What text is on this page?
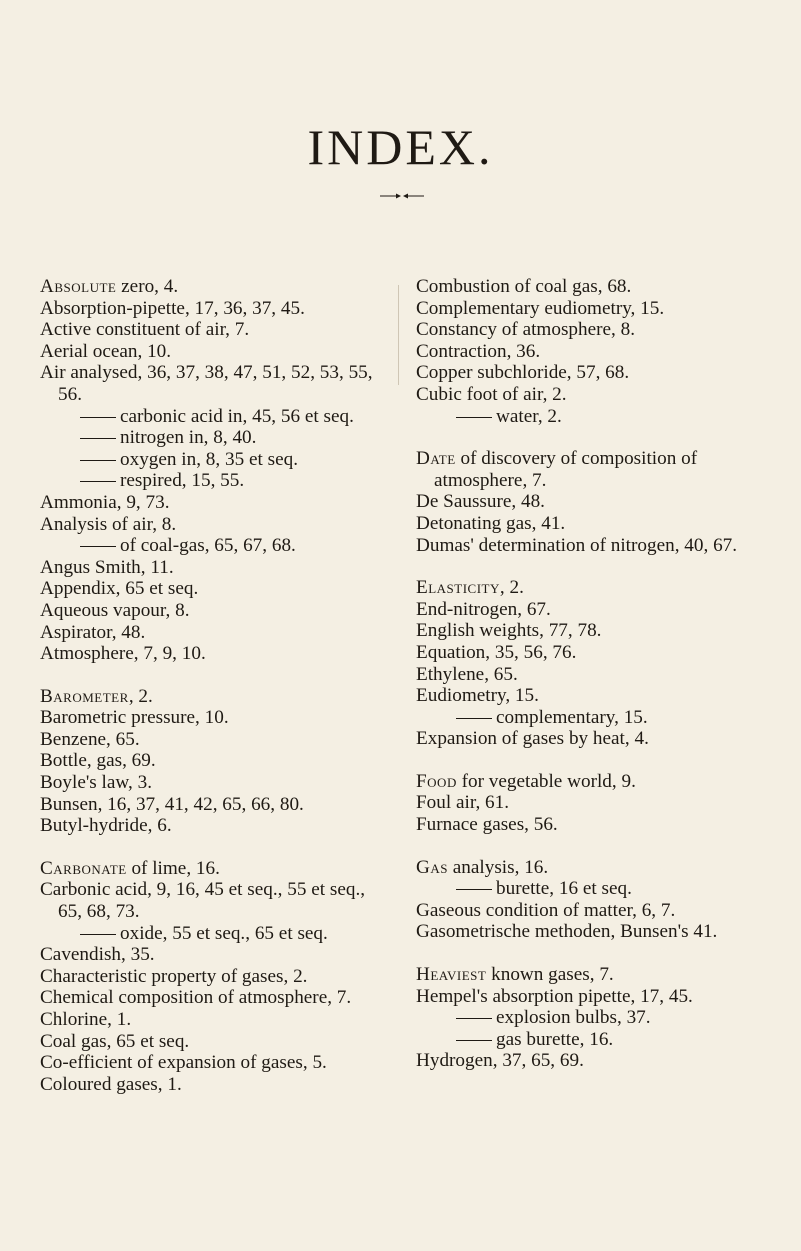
INDEX.

Absolute zero, 4.

Absorption-pipette, 17, 36, 37, 45.

Active constituent of air, 7.

Aerial ocean, 10.

Air analysed, 36, 37, 38, 47, 51, 52, 53, 55, 56.

carbonic acid in, 45, 56 et seq.

nitrogen in, 8, 40.

oxygen in, 8, 35 et seq.

respired, 15, 55.

Ammonia, 9, 73.

Analysis of air, 8.

of coal-gas, 65, 67, 68.

Angus Smith, 11.

Appendix, 65 et seq.

Aqueous vapour, 8.

Aspirator, 48.

Atmosphere, 7, 9, 10.

Barometer, 2.

Barometric pressure, 10.

Benzene, 65.

Bottle, gas, 69.

Boyle's law, 3.

Bunsen, 16, 37, 41, 42, 65, 66, 80.

Butyl-hydride, 6.

Carbonate of lime, 16.

Carbonic acid, 9, 16, 45 et seq., 55 et seq., 65, 68, 73.

oxide, 55 et seq., 65 et seq.

Cavendish, 35.

Characteristic property of gases, 2.

Chemical composition of atmosphere, 7.

Chlorine, 1.

Coal gas, 65 et seq.

Co-efficient of expansion of gases, 5.

Coloured gases, 1.

Combustion of coal gas, 68.

Complementary eudiometry, 15.

Constancy of atmosphere, 8.

Contraction, 36.

Copper subchloride, 57, 68.

Cubic foot of air, 2.

water, 2.

Date of discovery of composition of atmosphere, 7.

De Saussure, 48.

Detonating gas, 41.

Dumas' determination of nitrogen, 40, 67.

Elasticity, 2.

End-nitrogen, 67.

English weights, 77, 78.

Equation, 35, 56, 76.

Ethylene, 65.

Eudiometry, 15.

complementary, 15.

Expansion of gases by heat, 4.

Food for vegetable world, 9.

Foul air, 61.

Furnace gases, 56.

Gas analysis, 16.

burette, 16 et seq.

Gaseous condition of matter, 6, 7.

Gasometrische methoden, Bunsen's 41.

Heaviest known gases, 7.

Hempel's absorption pipette, 17, 45.

explosion bulbs, 37.

gas burette, 16.

Hydrogen, 37, 65, 69.
